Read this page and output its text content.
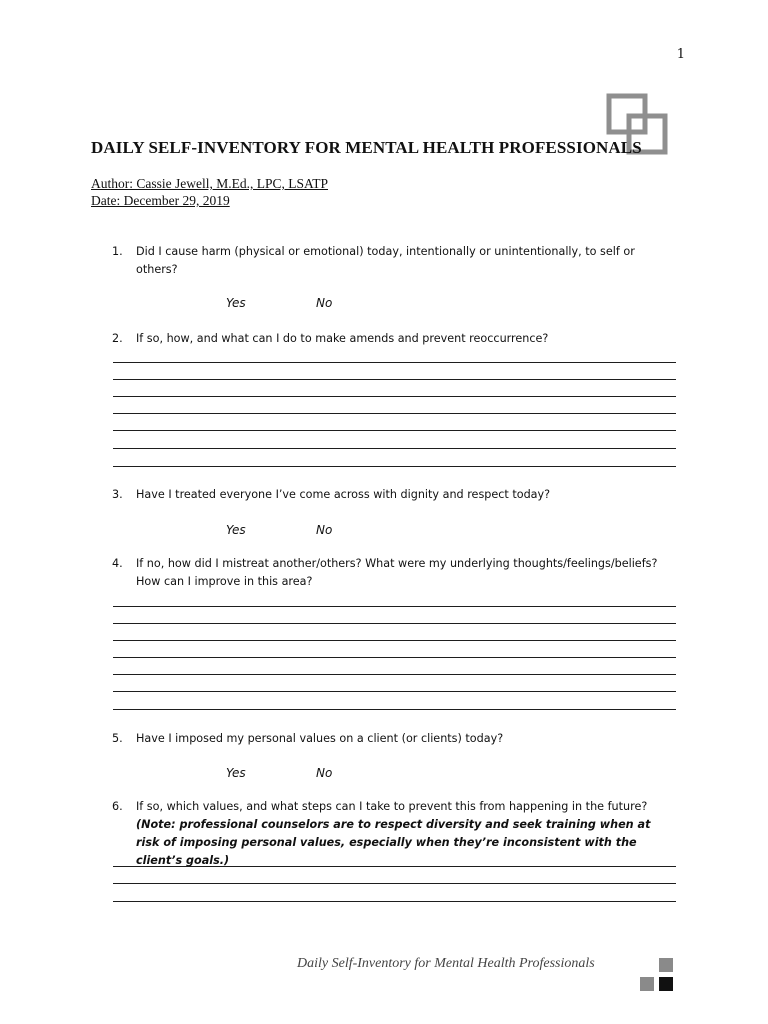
1
DAILY SELF-INVENTORY FOR MENTAL HEALTH PROFESSIONALS
Author: Cassie Jewell, M.Ed., LPC, LSATP
Date: December 29, 2019
1. Did I cause harm (physical or emotional) today, intentionally or unintentionally, to self or others?
Yes	No
2. If so, how, and what can I do to make amends and prevent reoccurrence?
3. Have I treated everyone I’ve come across with dignity and respect today?
Yes	No
4. If no, how did I mistreat another/others? What were my underlying thoughts/feelings/beliefs? How can I improve in this area?
5. Have I imposed my personal values on a client (or clients) today?
Yes	No
6. If so, which values, and what steps can I take to prevent this from happening in the future?
(Note: professional counselors are to respect diversity and seek training when at risk of imposing personal values, especially when they’re inconsistent with the client’s goals.)
Daily Self-Inventory for Mental Health Professionals
